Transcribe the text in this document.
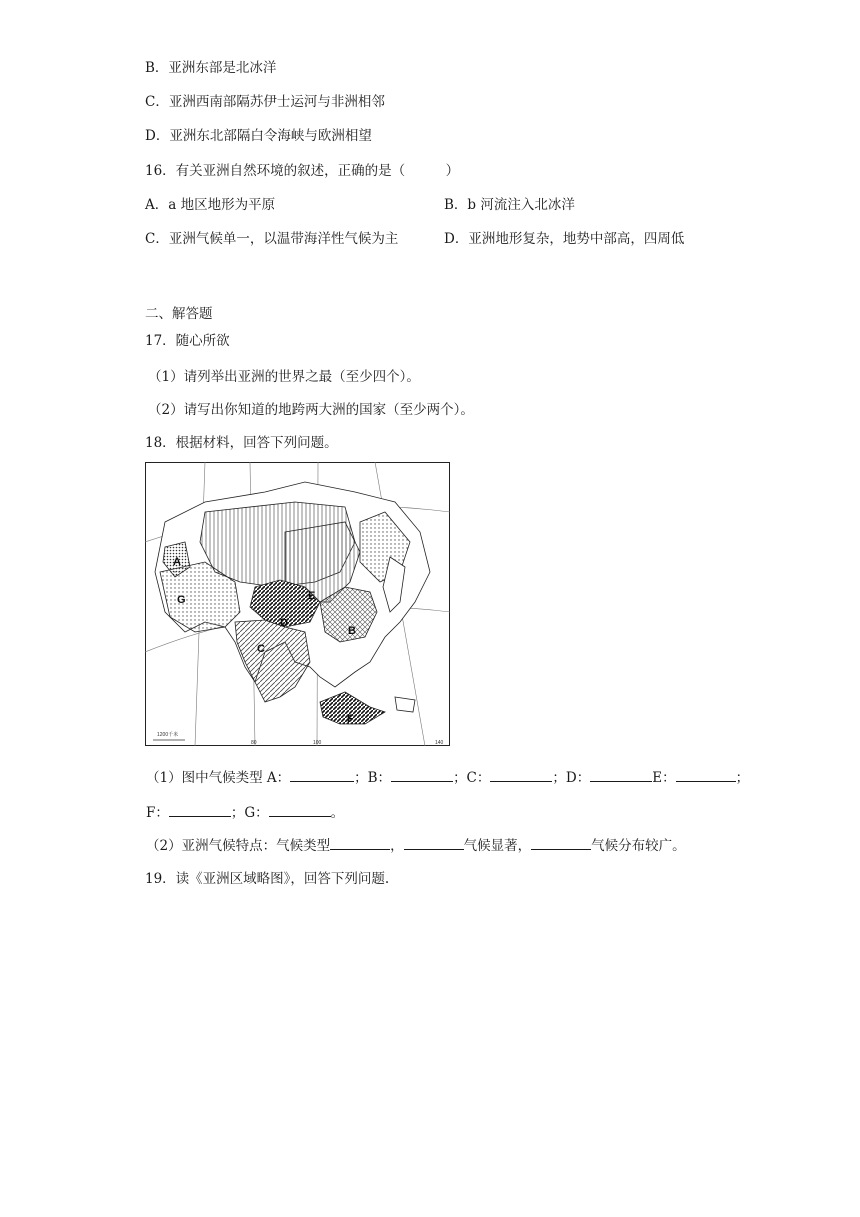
B．亚洲东部是北冰洋
C．亚洲西南部隔苏伊士运河与非洲相邻
D．亚洲东北部隔白令海峡与欧洲相望
16．有关亚洲自然环境的叙述，正确的是（　　　）
A．a 地区地形为平原	B．b 河流注入北冰洋
C．亚洲气候单一，以温带海洋性气候为主	D．亚洲地形复杂，地势中部高，四周低
二、解答题
17．随心所欲
（1）请列举出亚洲的世界之最（至少四个）。
（2）请写出你知道的地跨两大洲的国家（至少两个）。
18．根据材料，回答下列问题。
A
B
C
D
E
F
G
1200千米
80	100	140
（1）图中气候类型 A：	；B：	；C：	；D：	E：	；
F：	；G：	。
（2）亚洲气候特点：气候类型	，	气候显著，	气候分布较广。
19．读《亚洲区域略图》，回答下列问题.
